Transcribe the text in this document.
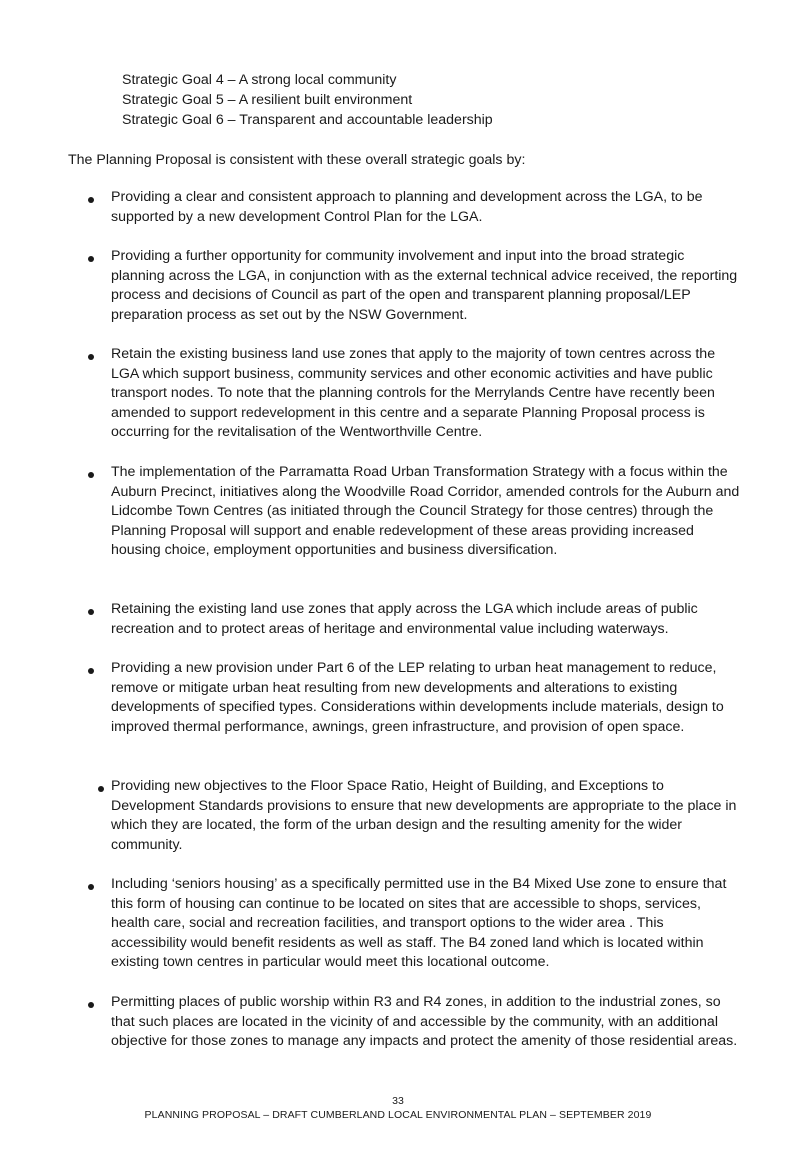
Strategic Goal 4 – A strong local community
Strategic Goal 5 – A resilient built environment
Strategic Goal 6 – Transparent and accountable leadership
The Planning Proposal is consistent with these overall strategic goals by:
Providing a clear and consistent approach to planning and development across the LGA, to be supported by a new development Control Plan for the LGA.
Providing a further opportunity for community involvement and input into the broad strategic planning across the LGA, in conjunction with as the external technical advice received, the reporting process and decisions of Council as part of the open and transparent planning proposal/LEP preparation process as set out by the NSW Government.
Retain the existing business land use zones that apply to the majority of town centres across the LGA which support business, community services and other economic activities and have public transport nodes. To note that the planning controls for the Merrylands Centre have recently been amended to support redevelopment in this centre and a separate Planning Proposal process is occurring for the revitalisation of the Wentworthville Centre.
The implementation of the Parramatta Road Urban Transformation Strategy with a focus within the Auburn Precinct, initiatives along the Woodville Road Corridor, amended controls for the Auburn and Lidcombe Town Centres (as initiated through the Council Strategy for those centres) through the Planning Proposal will support and enable redevelopment of these areas providing increased housing choice, employment opportunities and business diversification.
Retaining the existing land use zones that apply across the LGA which include areas of public recreation and to protect areas of heritage and environmental value including waterways.
Providing a new provision under Part 6 of the LEP relating to urban heat management to reduce, remove or mitigate urban heat resulting from new developments and alterations to existing developments of specified types. Considerations within developments include materials, design to improved thermal performance, awnings, green infrastructure, and provision of open space.
Providing new objectives to the Floor Space Ratio, Height of Building, and Exceptions to Development Standards provisions to ensure that new developments are appropriate to the place in which they are located, the form of the urban design and the resulting amenity for the wider community.
Including ‘seniors housing’ as a specifically permitted use in the B4 Mixed Use zone to ensure that this form of housing can continue to be located on sites that are accessible to shops, services, health care, social and recreation facilities, and transport options to the wider area . This accessibility would benefit residents as well as staff. The B4 zoned land which is located within existing town centres in particular would meet this locational outcome.
Permitting places of public worship within R3 and R4 zones, in addition to the industrial zones, so that such places are located in the vicinity of and accessible by the community, with an additional objective for those zones to manage any impacts and protect the amenity of those residential areas.
33
PLANNING PROPOSAL – DRAFT CUMBERLAND LOCAL ENVIRONMENTAL PLAN – SEPTEMBER 2019
